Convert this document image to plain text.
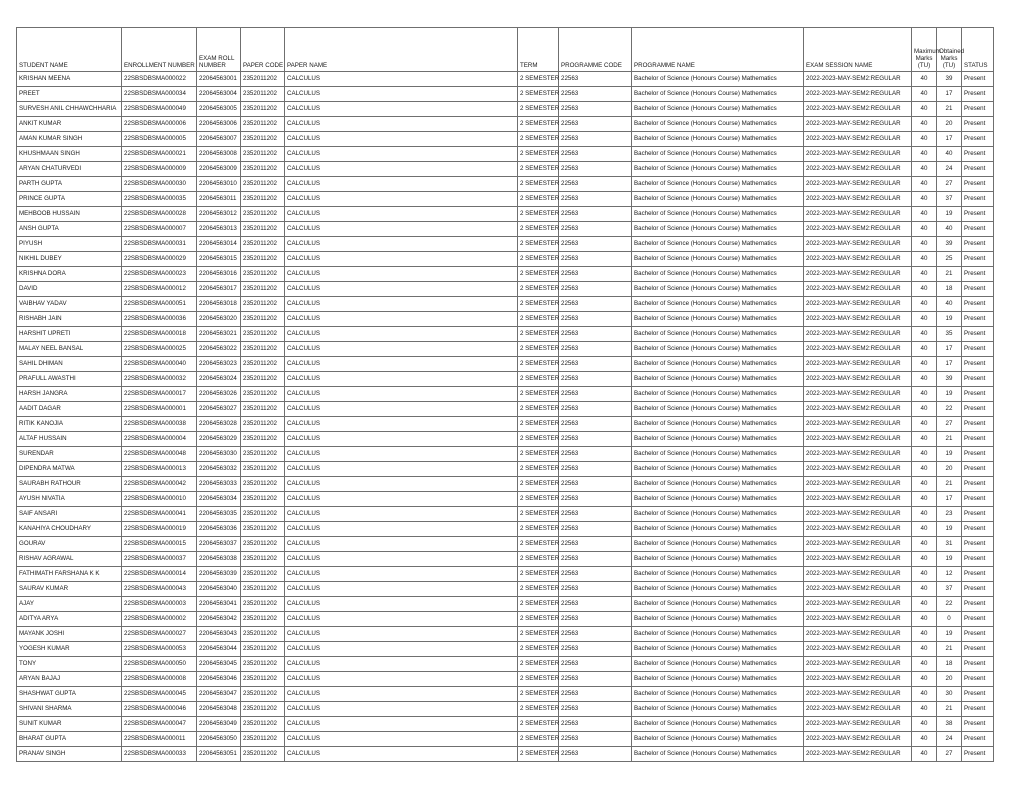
STUDENT NAME	ENROLLMENT NUMBER	EXAM ROLL NUMBER	PAPER CODE	PAPER NAME	TERM	PROGRAMME CODE	PROGRAMME NAME	EXAM SESSION NAME	Maximum Marks (TU)	Obtained Marks (TU)	STATUS
KRISHAN MEENA	22SBSDBSMA000022	22064563001	2352011202	CALCULUS	2 SEMESTER	22563	Bachelor of Science (Honours Course) Mathematics	2022-2023-MAY-SEM2:REGULAR	40	39	Present
PREET	22SBSDBSMA000034	22064563004	2352011202	CALCULUS	2 SEMESTER	22563	Bachelor of Science (Honours Course) Mathematics	2022-2023-MAY-SEM2:REGULAR	40	17	Present
SURVESH ANIL CHHAWCHHARIA	22SBSDBSMA000049	22064563005	2352011202	CALCULUS	2 SEMESTER	22563	Bachelor of Science (Honours Course) Mathematics	2022-2023-MAY-SEM2:REGULAR	40	21	Present
ANKIT KUMAR	22SBSDBSMA000006	22064563006	2352011202	CALCULUS	2 SEMESTER	22563	Bachelor of Science (Honours Course) Mathematics	2022-2023-MAY-SEM2:REGULAR	40	20	Present
AMAN KUMAR SINGH	22SBSDBSMA000005	22064563007	2352011202	CALCULUS	2 SEMESTER	22563	Bachelor of Science (Honours Course) Mathematics	2022-2023-MAY-SEM2:REGULAR	40	17	Present
KHUSHMAAN SINGH	22SBSDBSMA000021	22064563008	2352011202	CALCULUS	2 SEMESTER	22563	Bachelor of Science (Honours Course) Mathematics	2022-2023-MAY-SEM2:REGULAR	40	40	Present
ARYAN CHATURVEDI	22SBSDBSMA000009	22064563009	2352011202	CALCULUS	2 SEMESTER	22563	Bachelor of Science (Honours Course) Mathematics	2022-2023-MAY-SEM2:REGULAR	40	24	Present
PARTH GUPTA	22SBSDBSMA000030	22064563010	2352011202	CALCULUS	2 SEMESTER	22563	Bachelor of Science (Honours Course) Mathematics	2022-2023-MAY-SEM2:REGULAR	40	27	Present
PRINCE GUPTA	22SBSDBSMA000035	22064563011	2352011202	CALCULUS	2 SEMESTER	22563	Bachelor of Science (Honours Course) Mathematics	2022-2023-MAY-SEM2:REGULAR	40	37	Present
MEHBOOB HUSSAIN	22SBSDBSMA000028	22064563012	2352011202	CALCULUS	2 SEMESTER	22563	Bachelor of Science (Honours Course) Mathematics	2022-2023-MAY-SEM2:REGULAR	40	19	Present
ANSH GUPTA	22SBSDBSMA000007	22064563013	2352011202	CALCULUS	2 SEMESTER	22563	Bachelor of Science (Honours Course) Mathematics	2022-2023-MAY-SEM2:REGULAR	40	40	Present
PIYUSH	22SBSDBSMA000031	22064563014	2352011202	CALCULUS	2 SEMESTER	22563	Bachelor of Science (Honours Course) Mathematics	2022-2023-MAY-SEM2:REGULAR	40	39	Present
NIKHIL DUBEY	22SBSDBSMA000029	22064563015	2352011202	CALCULUS	2 SEMESTER	22563	Bachelor of Science (Honours Course) Mathematics	2022-2023-MAY-SEM2:REGULAR	40	25	Present
KRISHNA DORA	22SBSDBSMA000023	22064563016	2352011202	CALCULUS	2 SEMESTER	22563	Bachelor of Science (Honours Course) Mathematics	2022-2023-MAY-SEM2:REGULAR	40	21	Present
DAVID	22SBSDBSMA000012	22064563017	2352011202	CALCULUS	2 SEMESTER	22563	Bachelor of Science (Honours Course) Mathematics	2022-2023-MAY-SEM2:REGULAR	40	18	Present
VAIBHAV YADAV	22SBSDBSMA000051	22064563018	2352011202	CALCULUS	2 SEMESTER	22563	Bachelor of Science (Honours Course) Mathematics	2022-2023-MAY-SEM2:REGULAR	40	40	Present
RISHABH JAIN	22SBSDBSMA000036	22064563020	2352011202	CALCULUS	2 SEMESTER	22563	Bachelor of Science (Honours Course) Mathematics	2022-2023-MAY-SEM2:REGULAR	40	19	Present
HARSHIT UPRETI	22SBSDBSMA000018	22064563021	2352011202	CALCULUS	2 SEMESTER	22563	Bachelor of Science (Honours Course) Mathematics	2022-2023-MAY-SEM2:REGULAR	40	35	Present
MALAY NEEL BANSAL	22SBSDBSMA000025	22064563022	2352011202	CALCULUS	2 SEMESTER	22563	Bachelor of Science (Honours Course) Mathematics	2022-2023-MAY-SEM2:REGULAR	40	17	Present
SAHIL DHIMAN	22SBSDBSMA000040	22064563023	2352011202	CALCULUS	2 SEMESTER	22563	Bachelor of Science (Honours Course) Mathematics	2022-2023-MAY-SEM2:REGULAR	40	17	Present
PRAFULL AWASTHI	22SBSDBSMA000032	22064563024	2352011202	CALCULUS	2 SEMESTER	22563	Bachelor of Science (Honours Course) Mathematics	2022-2023-MAY-SEM2:REGULAR	40	39	Present
HARSH JANGRA	22SBSDBSMA000017	22064563026	2352011202	CALCULUS	2 SEMESTER	22563	Bachelor of Science (Honours Course) Mathematics	2022-2023-MAY-SEM2:REGULAR	40	19	Present
AADIT DAGAR	22SBSDBSMA000001	22064563027	2352011202	CALCULUS	2 SEMESTER	22563	Bachelor of Science (Honours Course) Mathematics	2022-2023-MAY-SEM2:REGULAR	40	22	Present
RITIK KANOJIA	22SBSDBSMA000038	22064563028	2352011202	CALCULUS	2 SEMESTER	22563	Bachelor of Science (Honours Course) Mathematics	2022-2023-MAY-SEM2:REGULAR	40	27	Present
ALTAF HUSSAIN	22SBSDBSMA000004	22064563029	2352011202	CALCULUS	2 SEMESTER	22563	Bachelor of Science (Honours Course) Mathematics	2022-2023-MAY-SEM2:REGULAR	40	21	Present
SURENDAR	22SBSDBSMA000048	22064563030	2352011202	CALCULUS	2 SEMESTER	22563	Bachelor of Science (Honours Course) Mathematics	2022-2023-MAY-SEM2:REGULAR	40	19	Present
DIPENDRA MATWA	22SBSDBSMA000013	22064563032	2352011202	CALCULUS	2 SEMESTER	22563	Bachelor of Science (Honours Course) Mathematics	2022-2023-MAY-SEM2:REGULAR	40	20	Present
SAURABH RATHOUR	22SBSDBSMA000042	22064563033	2352011202	CALCULUS	2 SEMESTER	22563	Bachelor of Science (Honours Course) Mathematics	2022-2023-MAY-SEM2:REGULAR	40	21	Present
AYUSH NIVATIA	22SBSDBSMA000010	22064563034	2352011202	CALCULUS	2 SEMESTER	22563	Bachelor of Science (Honours Course) Mathematics	2022-2023-MAY-SEM2:REGULAR	40	17	Present
SAIF ANSARI	22SBSDBSMA000041	22064563035	2352011202	CALCULUS	2 SEMESTER	22563	Bachelor of Science (Honours Course) Mathematics	2022-2023-MAY-SEM2:REGULAR	40	23	Present
KANAHIYA CHOUDHARY	22SBSDBSMA000019	22064563036	2352011202	CALCULUS	2 SEMESTER	22563	Bachelor of Science (Honours Course) Mathematics	2022-2023-MAY-SEM2:REGULAR	40	19	Present
GOURAV	22SBSDBSMA000015	22064563037	2352011202	CALCULUS	2 SEMESTER	22563	Bachelor of Science (Honours Course) Mathematics	2022-2023-MAY-SEM2:REGULAR	40	31	Present
RISHAV AGRAWAL	22SBSDBSMA000037	22064563038	2352011202	CALCULUS	2 SEMESTER	22563	Bachelor of Science (Honours Course) Mathematics	2022-2023-MAY-SEM2:REGULAR	40	19	Present
FATHIMATH FARSHANA K K	22SBSDBSMA000014	22064563039	2352011202	CALCULUS	2 SEMESTER	22563	Bachelor of Science (Honours Course) Mathematics	2022-2023-MAY-SEM2:REGULAR	40	12	Present
SAURAV KUMAR	22SBSDBSMA000043	22064563040	2352011202	CALCULUS	2 SEMESTER	22563	Bachelor of Science (Honours Course) Mathematics	2022-2023-MAY-SEM2:REGULAR	40	37	Present
AJAY	22SBSDBSMA000003	22064563041	2352011202	CALCULUS	2 SEMESTER	22563	Bachelor of Science (Honours Course) Mathematics	2022-2023-MAY-SEM2:REGULAR	40	22	Present
ADITYA ARYA	22SBSDBSMA000002	22064563042	2352011202	CALCULUS	2 SEMESTER	22563	Bachelor of Science (Honours Course) Mathematics	2022-2023-MAY-SEM2:REGULAR	40	0	Present
MAYANK JOSHI	22SBSDBSMA000027	22064563043	2352011202	CALCULUS	2 SEMESTER	22563	Bachelor of Science (Honours Course) Mathematics	2022-2023-MAY-SEM2:REGULAR	40	19	Present
YOGESH KUMAR	22SBSDBSMA000053	22064563044	2352011202	CALCULUS	2 SEMESTER	22563	Bachelor of Science (Honours Course) Mathematics	2022-2023-MAY-SEM2:REGULAR	40	21	Present
TONY	22SBSDBSMA000050	22064563045	2352011202	CALCULUS	2 SEMESTER	22563	Bachelor of Science (Honours Course) Mathematics	2022-2023-MAY-SEM2:REGULAR	40	18	Present
ARYAN BAJAJ	22SBSDBSMA000008	22064563046	2352011202	CALCULUS	2 SEMESTER	22563	Bachelor of Science (Honours Course) Mathematics	2022-2023-MAY-SEM2:REGULAR	40	20	Present
SHASHWAT GUPTA	22SBSDBSMA000045	22064563047	2352011202	CALCULUS	2 SEMESTER	22563	Bachelor of Science (Honours Course) Mathematics	2022-2023-MAY-SEM2:REGULAR	40	30	Present
SHIVANI SHARMA	22SBSDBSMA000046	22064563048	2352011202	CALCULUS	2 SEMESTER	22563	Bachelor of Science (Honours Course) Mathematics	2022-2023-MAY-SEM2:REGULAR	40	21	Present
SUNIT KUMAR	22SBSDBSMA000047	22064563049	2352011202	CALCULUS	2 SEMESTER	22563	Bachelor of Science (Honours Course) Mathematics	2022-2023-MAY-SEM2:REGULAR	40	38	Present
BHARAT GUPTA	22SBSDBSMA000011	22064563050	2352011202	CALCULUS	2 SEMESTER	22563	Bachelor of Science (Honours Course) Mathematics	2022-2023-MAY-SEM2:REGULAR	40	24	Present
PRANAV SINGH	22SBSDBSMA000033	22064563051	2352011202	CALCULUS	2 SEMESTER	22563	Bachelor of Science (Honours Course) Mathematics	2022-2023-MAY-SEM2:REGULAR	40	27	Present
